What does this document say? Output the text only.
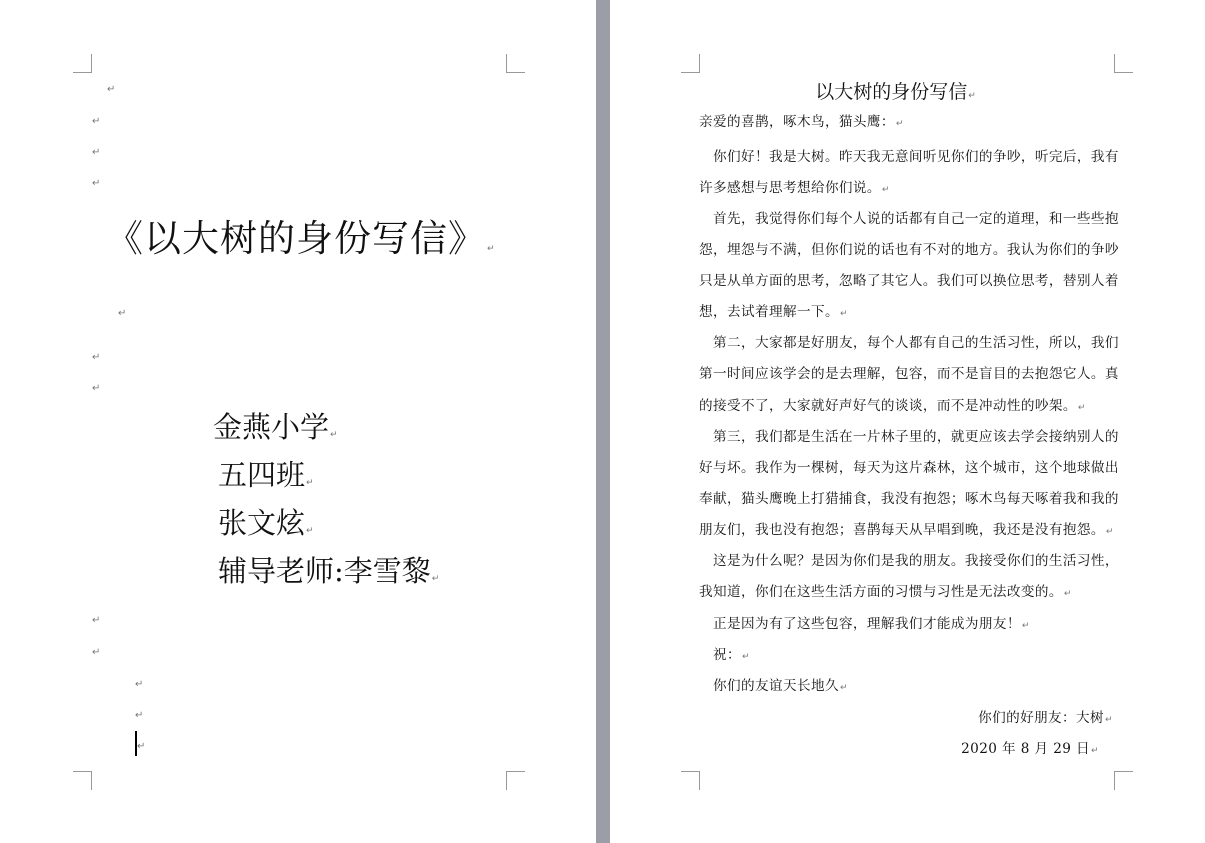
↵
↵
↵
↵
《以大树的身份写信》↵
↵
↵
↵
金燕小学↵
五四班↵
张文炫↵
辅导老师:李雪黎↵
↵
↵
↵
↵
↵
以大树的身份写信↵
亲爱的喜鹊，啄木鸟，猫头鹰：↵
你们好！我是大树。昨天我无意间听见你们的争吵，听完后，我有
许多感想与思考想给你们说。↵
首先，我觉得你们每个人说的话都有自己一定的道理，和一些些抱
怨，埋怨与不满，但你们说的话也有不对的地方。我认为你们的争吵
只是从单方面的思考，忽略了其它人。我们可以换位思考，替别人着
想，去试着理解一下。↵
第二，大家都是好朋友，每个人都有自己的生活习性，所以，我们
第一时间应该学会的是去理解，包容，而不是盲目的去抱怨它人。真
的接受不了，大家就好声好气的谈谈，而不是冲动性的吵架。↵
第三，我们都是生活在一片林子里的，就更应该去学会接纳别人的
好与坏。我作为一棵树，每天为这片森林，这个城市，这个地球做出
奉献，猫头鹰晚上打猎捕食，我没有抱怨；啄木鸟每天啄着我和我的
朋友们，我也没有抱怨；喜鹊每天从早唱到晚，我还是没有抱怨。↵
这是为什么呢？是因为你们是我的朋友。我接受你们的生活习性，
我知道，你们在这些生活方面的习惯与习性是无法改变的。↵
正是因为有了这些包容，理解我们才能成为朋友！↵
祝：↵
你们的友谊天长地久↵
你们的好朋友：大树↵
2020 年 8 月 29 日↵
